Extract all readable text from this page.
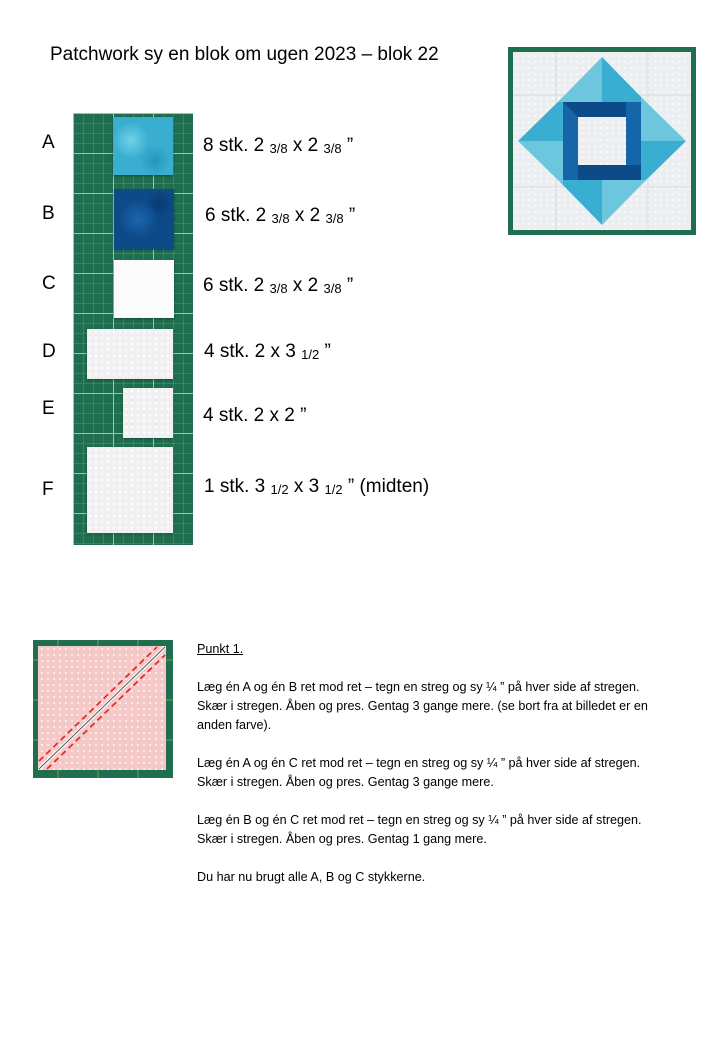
Patchwork sy en blok om ugen 2023 – blok 22
A
B
C
D
E
F
8 stk. 2 $_{3/8}$ x 2 $_{3/8}$ ”
6 stk. 2 $_{3/8}$ x 2 $_{3/8}$ ”
6 stk. 2 $_{3/8}$ x 2 $_{3/8}$ ”
4 stk. 2 x 3 $_{1/2}$ ”
4 stk. 2 x 2 ”
1 stk. 3 $_{1/2}$ x 3 $_{1/2}$ ” (midten)

Punkt 1.

Læg én A og én B ret mod ret – tegn en streg og sy ¼ ” på hver side af stregen. Skær i stregen. Åben og pres. Gentag 3 gange mere. (se bort fra at billedet er en anden farve).

Læg én A og én C ret mod ret – tegn en streg og sy ¼ ” på hver side af stregen. Skær i stregen. Åben og pres. Gentag 3 gange mere.

Læg én B og én C ret mod ret – tegn en streg og sy ¼ ” på hver side af stregen. Skær i stregen. Åben og pres. Gentag 1 gang mere.

Du har nu brugt alle A, B og C stykkerne.
